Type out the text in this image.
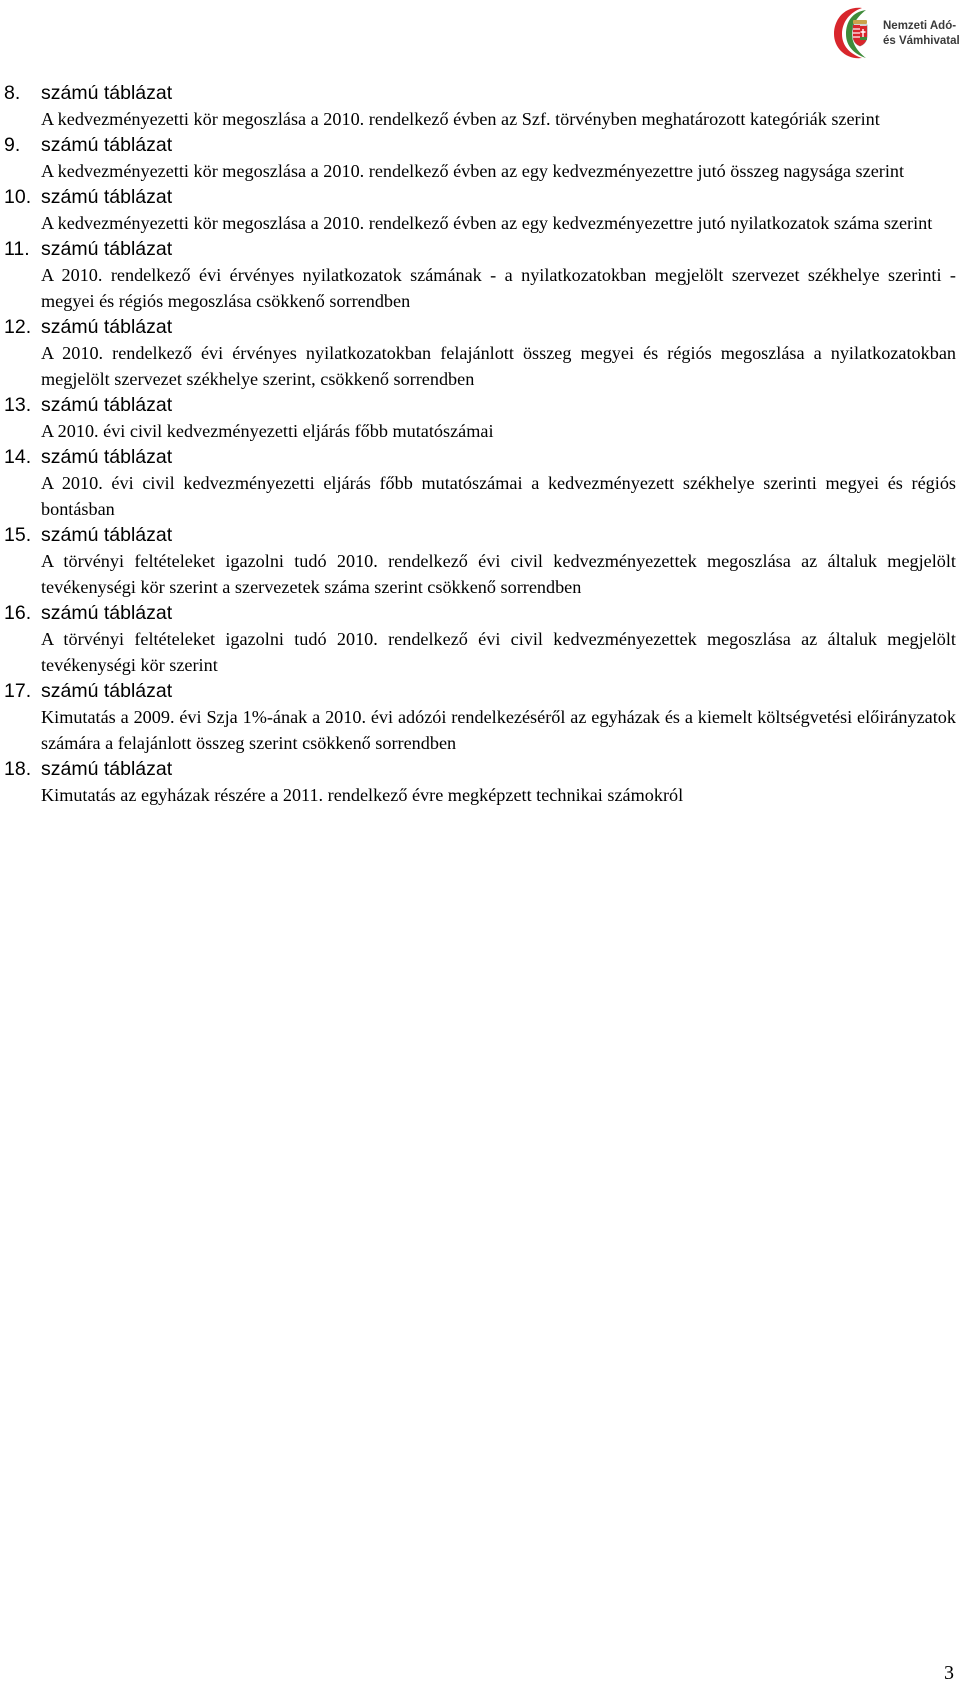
Nemzeti Adó-
és Vámhivatal
8. számú táblázat
A kedvezményezetti kör megoszlása a 2010. rendelkező évben az Szf. törvényben meghatározott kategóriák szerint
9. számú táblázat
A kedvezményezetti kör megoszlása a 2010. rendelkező évben az egy kedvezményezettre jutó összeg nagysága szerint
10. számú táblázat
A kedvezményezetti kör megoszlása a 2010. rendelkező évben az egy kedvezményezettre jutó nyilatkozatok száma szerint
11. számú táblázat
A 2010. rendelkező évi érvényes nyilatkozatok számának - a nyilatkozatokban megjelölt szervezet székhelye szerinti - megyei és régiós megoszlása csökkenő sorrendben
12. számú táblázat
A 2010. rendelkező évi érvényes nyilatkozatokban felajánlott összeg megyei és régiós megoszlása a nyilatkozatokban megjelölt szervezet székhelye szerint, csökkenő sorrendben
13. számú táblázat
A 2010. évi civil kedvezményezetti eljárás főbb mutatószámai
14. számú táblázat
A 2010. évi civil kedvezményezetti eljárás főbb mutatószámai a kedvezményezett székhelye szerinti megyei és régiós bontásban
15. számú táblázat
A törvényi feltételeket igazolni tudó 2010. rendelkező évi civil kedvezményezettek megoszlása az általuk megjelölt tevékenységi kör szerint a szervezetek száma szerint csökkenő sorrendben
16. számú táblázat
A törvényi feltételeket igazolni tudó 2010. rendelkező évi civil kedvezményezettek megoszlása az általuk megjelölt tevékenységi kör szerint
17. számú táblázat
Kimutatás a 2009. évi Szja 1%-ának a 2010. évi adózói rendelkezéséről az egyházak és a kiemelt költségvetési előirányzatok számára a felajánlott összeg szerint csökkenő sorrendben
18. számú táblázat
Kimutatás az egyházak részére a 2011. rendelkező évre megképzett technikai számokról
3
